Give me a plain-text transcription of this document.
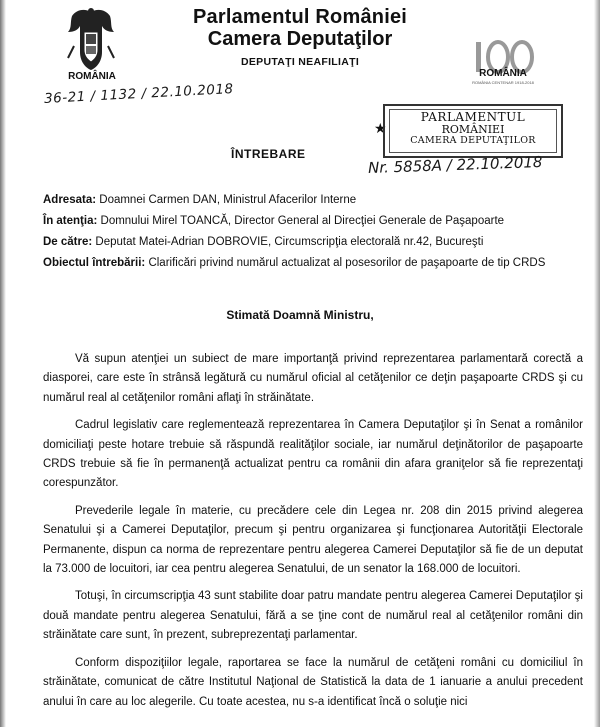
ROMÂNIA
Parlamentul României
Camera Deputaţilor
DEPUTAŢI NEAFILIAŢI
ROMÂNIA
ROMÂNIA CENTENAR 1918-2018
36-21 / 1132 / 22.10.2018
★
PARLAMENTUL
ROMÂNIEI
CAMERA DEPUTAŢILOR
ÎNTREBARE	Nr. 5858A / 22.10.2018
Adresata: Doamnei Carmen DAN, Ministrul Afacerilor Interne
În atenţia: Domnului Mirel TOANCĂ, Director General al Direcţiei Generale de Paşapoarte
De către: Deputat Matei-Adrian DOBROVIE, Circumscripţia electorală nr.42, Bucureşti
Obiectul întrebării: Clarificări privind numărul actualizat al posesorilor de paşapoarte de tip CRDS
Stimată Doamnă Ministru,

Vă supun atenţiei un subiect de mare importanţă privind reprezentarea parlamentară corectă a diasporei, care este în strânsă legătură cu numărul oficial al cetăţenilor ce deţin paşapoarte CRDS şi cu numărul real al cetăţenilor români aflaţi în străinătate.

Cadrul legislativ care reglementează reprezentarea în Camera Deputaţilor şi în Senat a românilor domiciliaţi peste hotare trebuie să răspundă realităţilor sociale, iar numărul deţinătorilor de paşapoarte CRDS trebuie să fie în permanenţă actualizat pentru ca românii din afara graniţelor să fie reprezentaţi corespunzător.

Prevederile legale în materie, cu precădere cele din Legea nr. 208 din 2015 privind alegerea Senatului şi a Camerei Deputaţilor, precum şi pentru organizarea şi funcţionarea Autorităţii Electorale Permanente, dispun ca norma de reprezentare pentru alegerea Camerei Deputaţilor să fie de un deputat la 73.000 de locuitori, iar cea pentru alegerea Senatului, de un senator la 168.000 de locuitori.

Totuşi, în circumscripţia 43 sunt stabilite doar patru mandate pentru alegerea Camerei Deputaţilor şi două mandate pentru alegerea Senatului, fără a se ţine cont de numărul real al cetăţenilor români din străinătate care sunt, în prezent, subreprezentaţi parlamentar.

Conform dispoziţiilor legale, raportarea se face la numărul de cetăţeni români cu domiciliul în străinătate, comunicat de către Institutul Naţional de Statistică la data de 1 ianuarie a anului precedent anului în care au loc alegerile. Cu toate acestea, nu s-a identificat încă o soluţie nici
